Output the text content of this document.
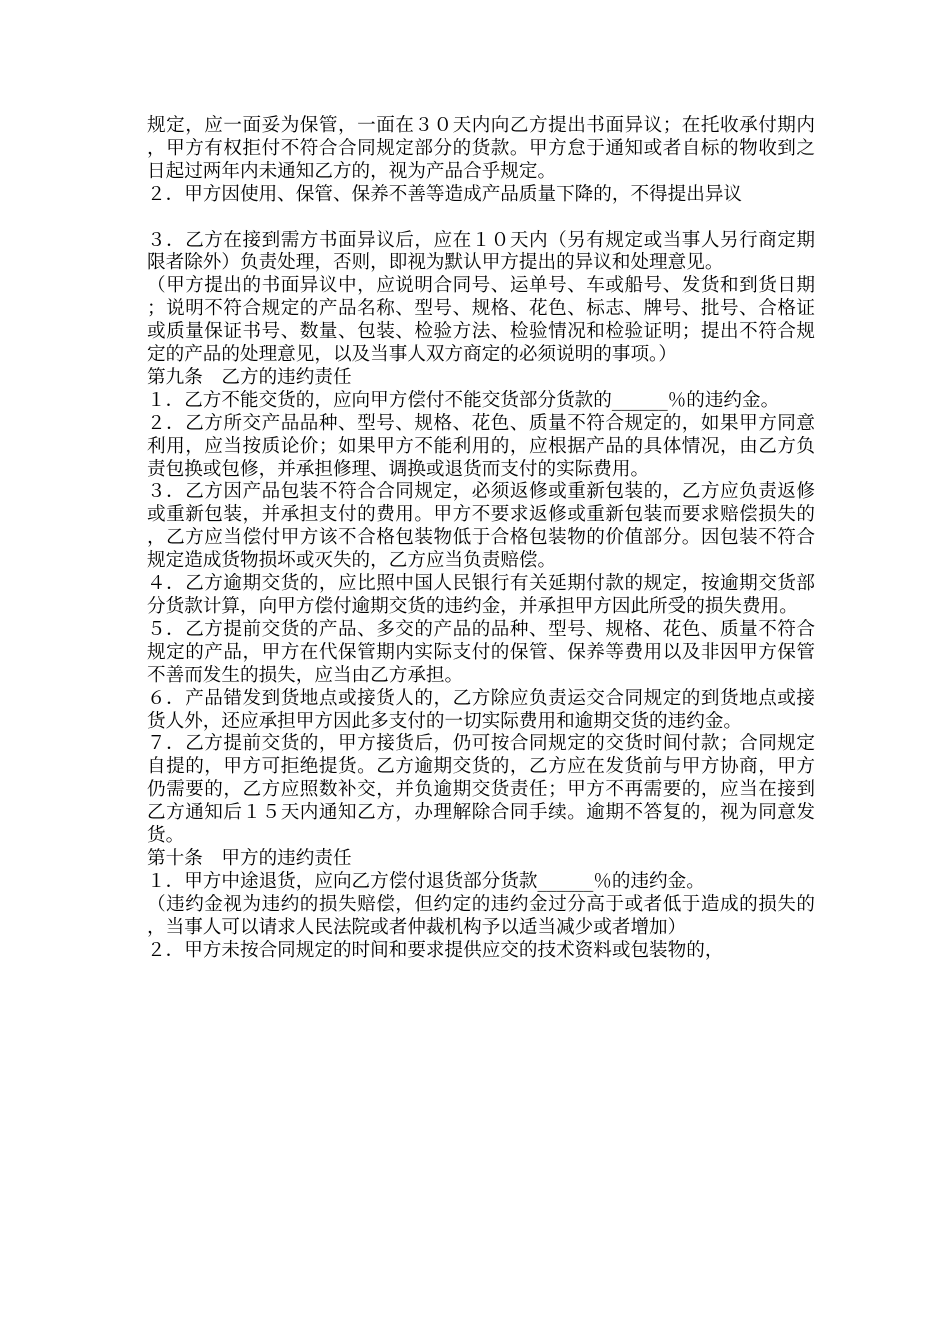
规定，应一面妥为保管，一面在３０天内向乙方提出书面异议；在托收承付期内，甲方有权拒付不符合合同规定部分的货款。甲方怠于通知或者自标的物收到之日起过两年内未通知乙方的，视为产品合乎规定。

２．甲方因使用、保管、保养不善等造成产品质量下降的，不得提出异议

３．乙方在接到需方书面异议后，应在１０天内（另有规定或当事人另行商定期限者除外）负责处理，否则，即视为默认甲方提出的异议和处理意见。

（甲方提出的书面异议中，应说明合同号、运单号、车或船号、发货和到货日期；说明不符合规定的产品名称、型号、规格、花色、标志、牌号、批号、合格证或质量保证书号、数量、包装、检验方法、检验情况和检验证明；提出不符合规定的产品的处理意见，以及当事人双方商定的必须说明的事项。）

第九条　乙方的违约责任

１．乙方不能交货的，应向甲方偿付不能交货部分货款的______％的违约金。

２．乙方所交产品品种、型号、规格、花色、质量不符合规定的，如果甲方同意利用，应当按质论价；如果甲方不能利用的，应根据产品的具体情况，由乙方负责包换或包修，并承担修理、调换或退货而支付的实际费用。

３．乙方因产品包装不符合合同规定，必须返修或重新包装的，乙方应负责返修或重新包装，并承担支付的费用。甲方不要求返修或重新包装而要求赔偿损失的，乙方应当偿付甲方该不合格包装物低于合格包装物的价值部分。因包装不符合规定造成货物损坏或灭失的，乙方应当负责赔偿。

４．乙方逾期交货的，应比照中国人民银行有关延期付款的规定，按逾期交货部分货款计算，向甲方偿付逾期交货的违约金，并承担甲方因此所受的损失费用。

５．乙方提前交货的产品、多交的产品的品种、型号、规格、花色、质量不符合规定的产品，甲方在代保管期内实际支付的保管、保养等费用以及非因甲方保管不善而发生的损失，应当由乙方承担。

６．产品错发到货地点或接货人的，乙方除应负责运交合同规定的到货地点或接货人外，还应承担甲方因此多支付的一切实际费用和逾期交货的违约金。

７．乙方提前交货的，甲方接货后，仍可按合同规定的交货时间付款；合同规定自提的，甲方可拒绝提货。乙方逾期交货的，乙方应在发货前与甲方协商，甲方仍需要的，乙方应照数补交，并负逾期交货责任；甲方不再需要的，应当在接到乙方通知后１５天内通知乙方，办理解除合同手续。逾期不答复的，视为同意发货。

第十条　甲方的违约责任

１．甲方中途退货，应向乙方偿付退货部分货款______％的违约金。

（违约金视为违约的损失赔偿，但约定的违约金过分高于或者低于造成的损失的，当事人可以请求人民法院或者仲裁机构予以适当减少或者增加）

２．甲方未按合同规定的时间和要求提供应交的技术资料或包装物的，
